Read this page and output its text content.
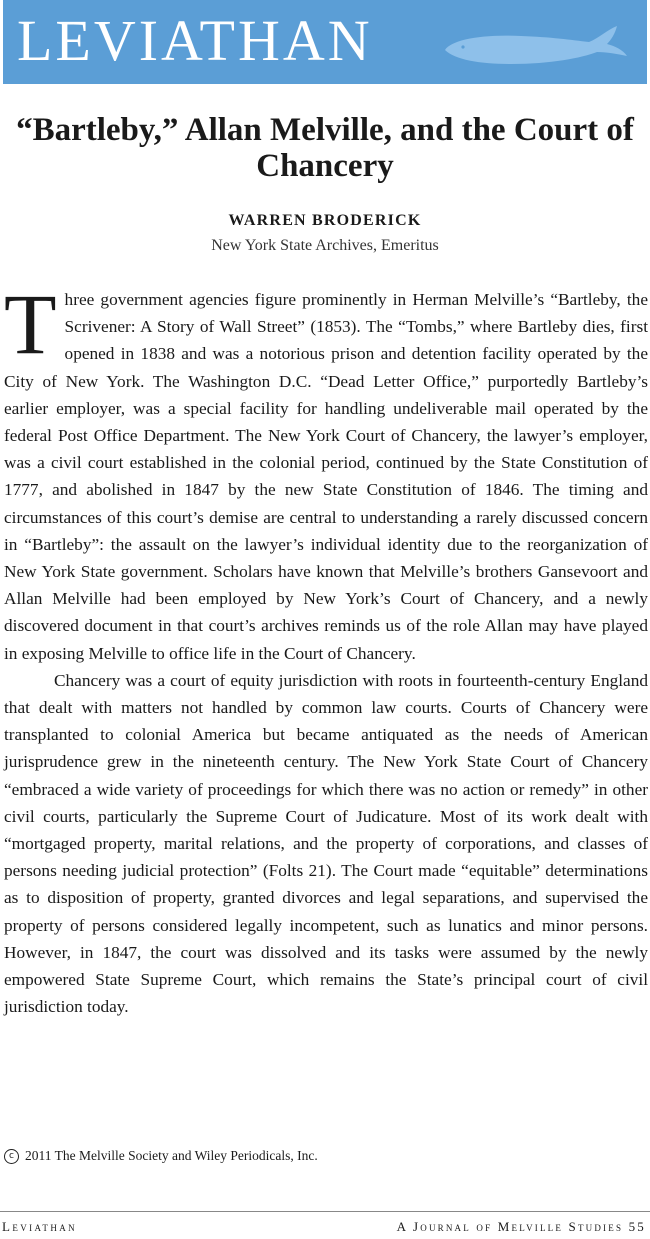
LEVIATHAN
“Bartleby,” Allan Melville, and the Court of Chancery
WARREN BRODERICK
New York State Archives, Emeritus

Three government agencies figure prominently in Herman Melville’s “Bartleby, the Scrivener: A Story of Wall Street” (1853). The “Tombs,” where Bartleby dies, first opened in 1838 and was a notorious prison and detention facility operated by the City of New York. The Washington D.C. “Dead Letter Office,” purportedly Bartleby’s earlier employer, was a special facility for handling undeliverable mail operated by the federal Post Office Department. The New York Court of Chancery, the lawyer’s employer, was a civil court established in the colonial period, continued by the State Constitution of 1777, and abolished in 1847 by the new State Constitution of 1846. The timing and circumstances of this court’s demise are central to understanding a rarely discussed concern in “Bartleby”: the assault on the lawyer’s individual identity due to the reorganization of New York State government. Scholars have known that Melville’s brothers Gansevoort and Allan Melville had been employed by New York’s Court of Chancery, and a newly discovered document in that court’s archives reminds us of the role Allan may have played in exposing Melville to office life in the Court of Chancery.

Chancery was a court of equity jurisdiction with roots in fourteenth-century England that dealt with matters not handled by common law courts. Courts of Chancery were transplanted to colonial America but became antiquated as the needs of American jurisprudence grew in the nineteenth century. The New York State Court of Chancery “embraced a wide variety of proceedings for which there was no action or remedy” in other civil courts, particularly the Supreme Court of Judicature. Most of its work dealt with “mortgaged property, marital relations, and the property of corporations, and classes of persons needing judicial protection” (Folts 21). The Court made “equitable” determinations as to disposition of property, granted divorces and legal separations, and supervised the property of persons considered legally incompetent, such as lunatics and minor persons. However, in 1847, the court was dissolved and its tasks were assumed by the newly empowered State Supreme Court, which remains the State’s principal court of civil jurisdiction today.

c 2011 The Melville Society and Wiley Periodicals, Inc.
Leviathan	A Journal of Melville Studies 55
